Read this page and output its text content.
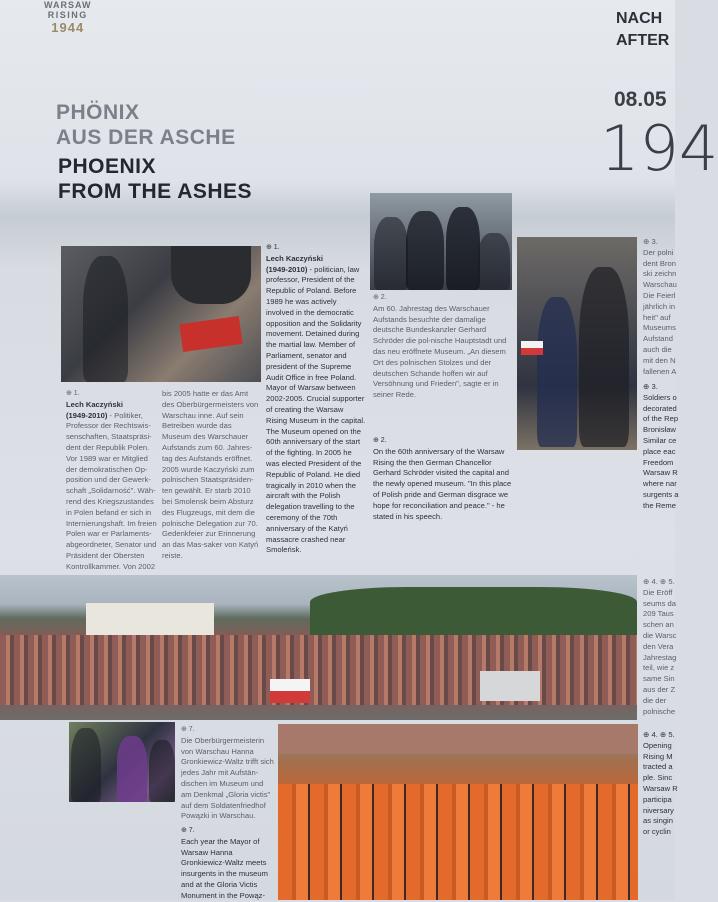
WARSAW
RISING
1944
NACH
AFTER
08.05
194
PHÖNIX
AUS DER ASCHE
PHOENIX
FROM THE ASHES
⊕ 1.
Lech Kaczyński
(1949-2010) - Politiker, Professor der Rechtswis-senschaften, Staatspräsi-dent der Republik Polen. Vor 1989 war er Mitglied der demokratischen Op-position und der Gewerk-schaft „Solidarność". Wäh-rend des Kriegszustandes in Polen befand er sich in Internierungshaft. Im freien Polen war er Parlaments-abgeordneter, Senator und Präsident der Obersten Kontrollkammer. Von 2002
bis 2005 hatte er das Amt des Oberbürgermeisters von Warschau inne. Auf sein Betreiben wurde das Museum des Warschauer Aufstands zum 60. Jahres-tag des Aufstands eröffnet. 2005 wurde Kaczyński zum polnischen Staatspräsiden-ten gewählt. Er starb 2010 bei Smolensk beim Absturz des Flugzeugs, mit dem die polnische Delegation zur 70. Gedenkfeier zur Erinnerung an das Mas-saker von Katyń reiste.
⊕ 1.
Lech Kaczyński
(1949-2010) - politician, law professor, President of the Republic of Poland. Before 1989 he was actively involved in the democratic opposition and the Solidarity movement. Detained during the martial law. Member of Parliament, senator and president of the Supreme Audit Office in free Poland. Mayor of Warsaw between 2002-2005. Crucial supporter of creating the Warsaw Rising Museum in the capital. The Museum opened on the 60th anniversary of the start of the fighting. In 2005 he was elected President of the Republic of Poland. He died tragically in 2010 when the aircraft with the Polish delegation travelling to the ceremony of the 70th anniversary of the Katyń massacre crashed near Smoleńsk.
⊕ 2.
Am 60. Jahrestag des Warschauer Aufstands besuchte der damalige deutsche Bundeskanzler Gerhard Schröder die pol-nische Hauptstadt und das neu eröffnete Museum. „An diesem Ort des polnischen Stolzes und der deutschen Schande hoffen wir auf Versöhnung und Frieden", sagte er in seiner Rede.
⊕ 2.
On the 60th anniversary of the Warsaw Rising the then German Chancellor Gerhard Schröder visited the capital and the newly opened museum. "In this place of Polish pride and German disgrace we hope for reconciliation and peace." - he stated in his speech.
⊕ 3.
Der polni
dent Bron
ski zeichn
Warschau
Die Feierl
jährlich in
heit" auf
Museums
Aufstand
auch die
mit den N
fallenen A
⊕ 3.
Soldiers o
decorated
of the Rep
Bronisław
Similar ce
place eac
Freedom
Warsaw R
where nar
surgents a
the Reme
⊕ 4. ⊕ 5.
Die Eröff
seums da
209 Taus
schen an
die Warsc
den Vera
Jahrestag
teil, wie z
same Sin
aus der Z
die der
polnische
⊕ 4. ⊕ 5.
Opening
Rising M
tracted a
ple. Sinc
Warsaw R
participa
niversary
as singin
or cyclin
⊕ 7.
Die Oberbürgermeisterin von Warschau Hanna Gronkiewicz-Waltz trifft sich jedes Jahr mit Aufstän-dischen im Museum und am Denkmal „Gloria victis" auf dem Soldatenfriedhof Powązki in Warschau.
⊕ 7.
Each year the Mayor of Warsaw Hanna Gronkiewicz-Waltz meets insurgents in the museum and at the Gloria Victis Monument in the Powąz-
